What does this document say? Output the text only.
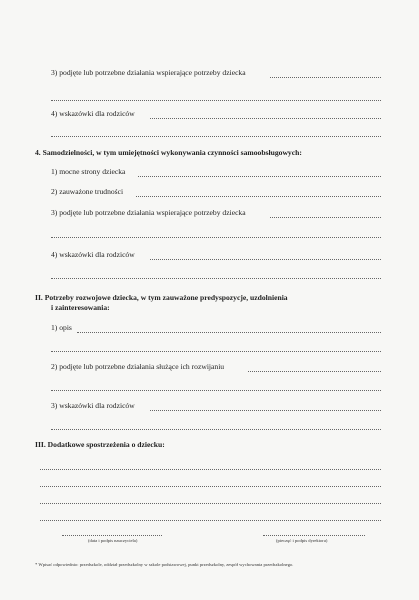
3) podjęte lub potrzebne działania wspierające potrzeby dziecka
4) wskazówki dla rodziców
4. Samodzielności, w tym umiejętności wykonywania czynności samoobsługowych:
1) mocne strony dziecka
2) zauważone trudności
3) podjęte lub potrzebne działania wspierające potrzeby dziecka
4) wskazówki dla rodziców
II. Potrzeby rozwojowe dziecka, w tym zauważone predyspozycje, uzdolnienia
i zainteresowania:
1) opis
2) podjęte lub potrzebne działania służące ich rozwijaniu
3) wskazówki dla rodziców
III. Dodatkowe spostrzeżenia o dziecku:
(data i podpis nauczyciela)	(pieczęć i podpis dyrektora)
* Wpisać odpowiednio: przedszkole, oddział przedszkolny w szkole podstawowej, punkt przedszkolny, zespół wychowania przedszkolnego.
